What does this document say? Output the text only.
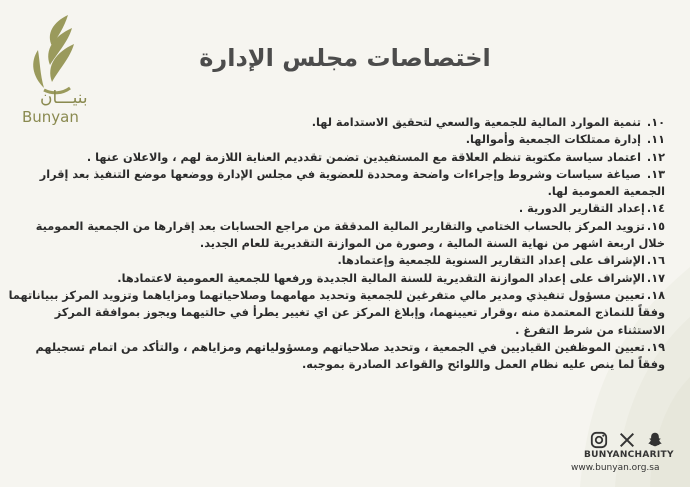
بنيـــان
Bunyan
اختصاصات مجلس الإدارة

١٠. تنمية الموارد المالية للجمعية والسعي لتحقيق الاستدامة لها.

١١. إدارة ممتلكات الجمعية وأموالها.

١٢. اعتماد سياسة مكتوبة تنظم العلاقة مع المستفيدين تضمن تقدديم العناية اللازمة لهم ، والاعلان عنها .

١٣. صياغة سياسات وشروط وإجراءات واضحة ومحددة للعضوية في مجلس الإدارة ووضعها موضع التنفيذ بعد إقرار الجمعية العمومية لها.

١٤.إعداد التقارير الدورية .

١٥.تزويد المركز بالحساب الختامي والتقارير المالية المدققة من مراجع الحسابات بعد إقرارها من الجمعية العمومية خلال اربعة اشهر من نهاية السنة المالية ، وصورة من الموازنة التقديرية للعام الجديد.

١٦.الإشراف على إعداد التقارير السنوية للجمعية وإعتمادها.

١٧.الإشراف على إعداد الموازنة التقديرية للسنة المالية الجديدة ورفعها للجمعية العمومية لاعتمادها.

١٨.تعيين مسؤول تنفيذي ومدير مالي متفرغين للجمعية وتحديد مهامهما وصلاحياتهما ومزاياهما وتزويد المركز ببياناتهما وفقاً للنماذج المعتمدة منه ،وقرار تعيينهما، وإبلاغ المركز عن اي تغيير يطرأ في حالتيهما ويجوز بموافقة المركز الاستثناء من شرط التفرغ .

١٩.تعيين الموظفين القياديين في الجمعية ، وتحديد صلاحياتهم ومسؤولياتهم ومزاياهم ، والتأكد من اتمام تسجيلهم وفقاً لما ينص عليه نظام العمل واللوائح والقواعد الصادرة بموجبه.

BUNYANCHARITY
www.bunyan.org.sa
